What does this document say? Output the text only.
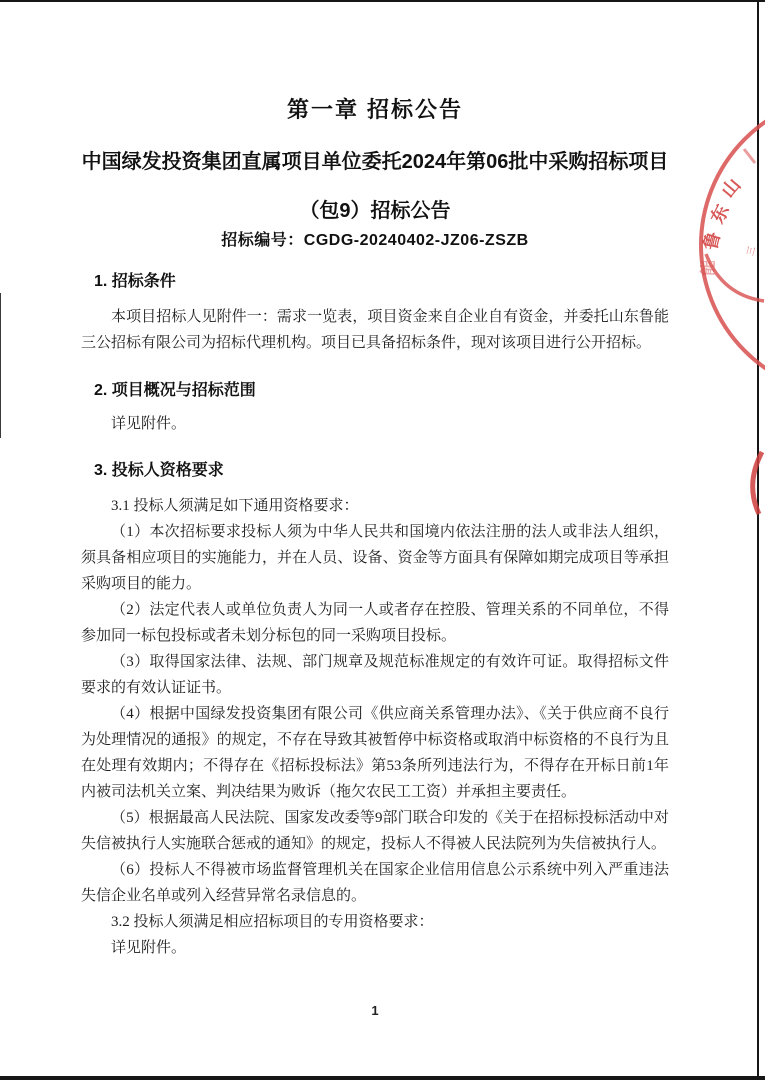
第一章 招标公告
中国绿发投资集团直属项目单位委托2024年第06批中采购招标项目
（包9）招标公告
招标编号：CGDG-20240402-JZ06-ZSZB
1. 招标条件

本项目招标人见附件一：需求一览表，项目资金来自企业自有资金，并委托山东鲁能三公招标有限公司为招标代理机构。项目已具备招标条件，现对该项目进行公开招标。

2. 项目概况与招标范围

详见附件。

3. 投标人资格要求

3.1 投标人须满足如下通用资格要求：

（1）本次招标要求投标人须为中华人民共和国境内依法注册的法人或非法人组织，须具备相应项目的实施能力，并在人员、设备、资金等方面具有保障如期完成项目等承担采购项目的能力。

（2）法定代表人或单位负责人为同一人或者存在控股、管理关系的不同单位，不得参加同一标包投标或者未划分标包的同一采购项目投标。

（3）取得国家法律、法规、部门规章及规范标准规定的有效许可证。取得招标文件要求的有效认证证书。

（4）根据中国绿发投资集团有限公司《供应商关系管理办法》、《关于供应商不良行为处理情况的通报》的规定，不存在导致其被暂停中标资格或取消中标资格的不良行为且在处理有效期内；不得存在《招标投标法》第53条所列违法行为，不得存在开标日前1年内被司法机关立案、判决结果为败诉（拖欠农民工工资）并承担主要责任。

（5）根据最高人民法院、国家发改委等9部门联合印发的《关于在招标投标活动中对失信被执行人实施联合惩戒的通知》的规定，投标人不得被人民法院列为失信被执行人。

（6）投标人不得被市场监督管理机关在国家企业信用信息公示系统中列入严重违法失信企业名单或列入经营异常名录信息的。

3.2 投标人须满足相应招标项目的专用资格要求：

详见附件。

山
东
鲁
能
三
1
